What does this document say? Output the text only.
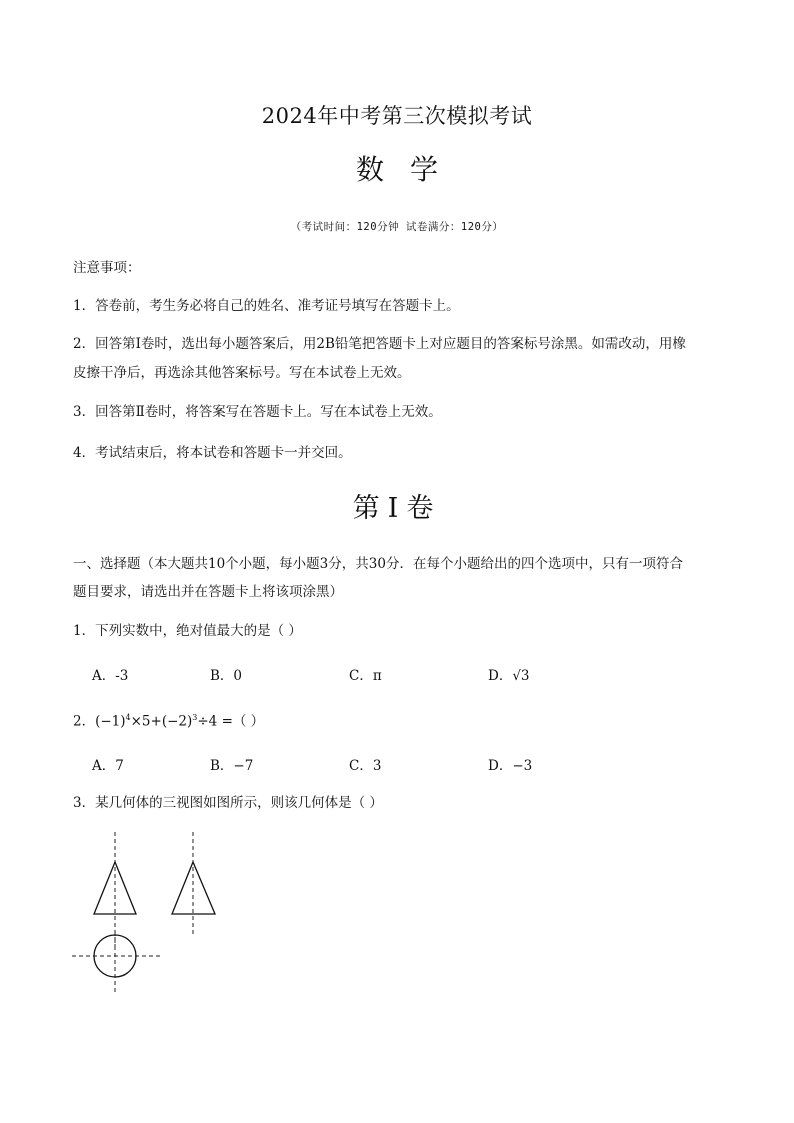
2024年中考第三次模拟考试
数学
（考试时间：120分钟 试卷满分：120分）
注意事项：
1．答卷前，考生务必将自己的姓名、准考证号填写在答题卡上。
2．回答第Ⅰ卷时，选出每小题答案后，用2B铅笔把答题卡上对应题目的答案标号涂黑。如需改动，用橡
皮擦干净后，再选涂其他答案标号。写在本试卷上无效。
3．回答第Ⅱ卷时，将答案写在答题卡上。写在本试卷上无效。
4．考试结束后，将本试卷和答题卡一并交回。
第Ⅰ卷
一、选择题（本大题共10个小题，每小题3分，共30分．在每个小题给出的四个选项中，只有一项符合
题目要求，请选出并在答题卡上将该项涂黑）
1．下列实数中，绝对值最大的是（ ）
A．-3	B．0	C．π	D．√3
2．$(-1)^4\times 5+(-2)^3\div 4$ =（ ）
A．7	B．−7	C．3	D．−3
3．某几何体的三视图如图所示，则该几何体是（ ）
